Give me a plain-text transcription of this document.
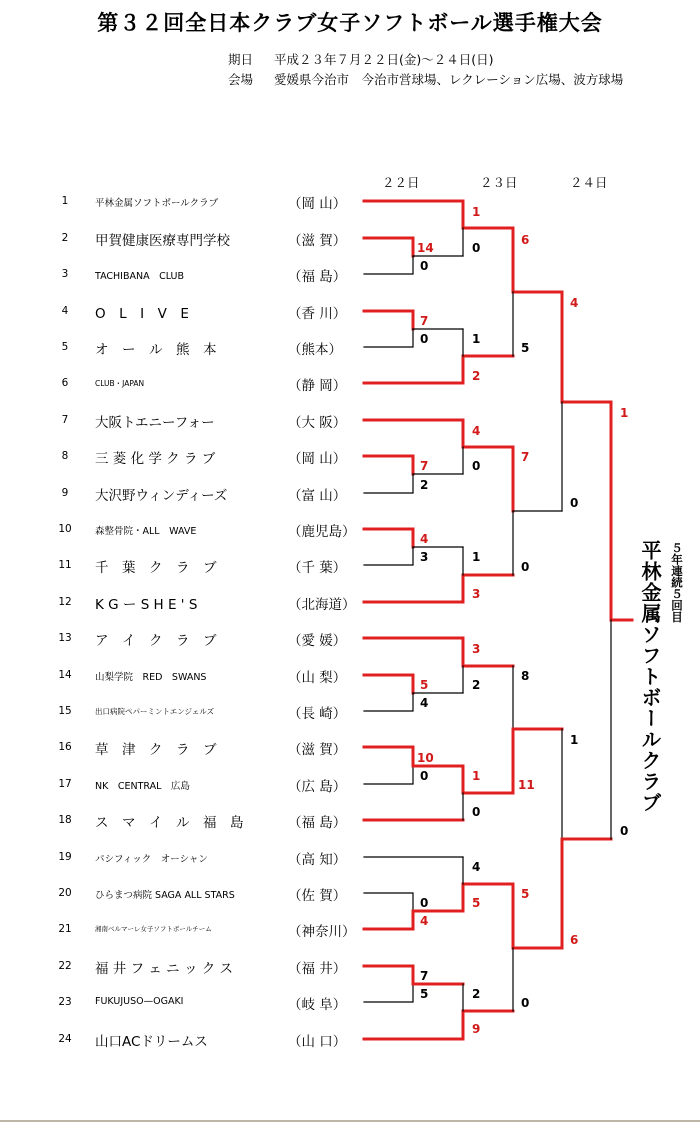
第３２回全日本クラブ女子ソフトボール選手権大会
期日 平成２３年７月２２日(金)～２４日(日)
会場 愛媛県今治市　今治市営球場、レクレーション広場、波方球場
２２日	２３日	２４日
1	平林金属ソフトボールクラブ	（岡 山）
2	甲賀健康医療専門学校	（滋 賀）
3	TACHIBANA　CLUB	（福 島）
4	O　L　I　V　E	（香 川）
5	オ　ー　ル　熊　本	（熊本）
6	CLUB・JAPAN	（静 岡）
7	大阪トエニーフォー	（大 阪）
8	三 菱 化 学 ク ラ ブ	（岡 山）
9	大沢野ウィンディーズ	（富 山）
10	森整骨院・ALL　WAVE	（鹿児島）
11	千　葉　ク　ラ　ブ	（千 葉）
12	K G ー S H E ' S	（北海道）
13	ア　イ　ク　ラ　ブ	（愛 媛）
14	山梨学院　RED　SWANS	（山 梨）
15	出口病院ペパーミントエンジェルズ	（長 崎）
16	草　津　ク　ラ　ブ	（滋 賀）
17	NK　CENTRAL　広島	（広 島）
18	ス　マ　イ　ル　福　島	（福 島）
19	パシフィック　オーシャン	（高 知）
20	ひらまつ病院 SAGA ALL STARS	（佐 賀）
21	湘南ベルマーレ女子ソフトボールチーム	（神奈川）
22	福 井 フ ェ ニ ッ ク ス	（福 井）
23	FUKUJUSO—OGAKI	（岐 阜）
24	山口ACドリームス	（山 口）
14
0
7
0
7
2
4
3
5
4
10
0
4
0
7
5
1
0
2
1
4
0
3
1
3
2
1
0
5
4
9
2
6
5
7
0
11
8
5
0
4
0
6
1
1
0
平林金属ソフトボールクラブ ５年連続５回目
